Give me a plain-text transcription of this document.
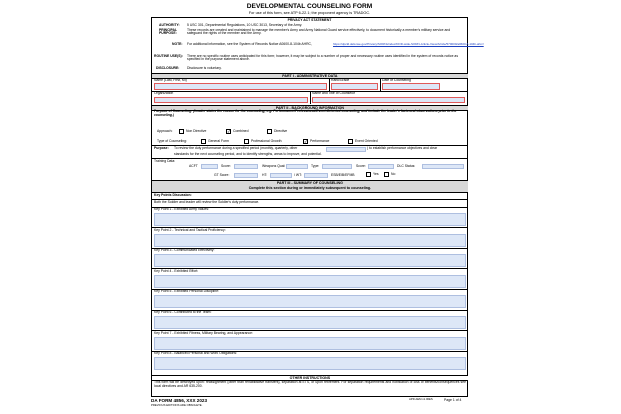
DEVELOPMENTAL COUNSELING FORM
For use of this form, see ATP 6-22.1; the proponent agency is TRADOC.
PRIVACY ACT STATEMENT
AUTHORITY: 5 USC 301, Departmental Regulations, 10 USC 3013, Secretary of the Army.
PRINCIPAL PURPOSE:
These records are created and maintained to manage the member's Army and Army National Guard service effectively, to document historically a member's military service and safeguard the rights of the member and the Army.
NOTE: For additional information, see the System of Records Notice A0600-8-104b AHRC,	https://dpcld.defense.gov/Privacy/SORNsIndex/DOD-wide-SORN-Article-View/Article/570000/a0600-8-104b-ahrc/
ROUTINE USE(S): There are no specific routine uses anticipated for this form; however, it may be subject to a number of proper and necessary routine uses identified in the system of records notice as specified in the purpose statement above.
DISCLOSURE: Disclosure is voluntary.
PART I - ADMINISTRATIVE DATA
Name (Last, First, MI)	Rank/Grade	Date of Counseling
Organization	Name and Title of Counselor
PART II - BACKGROUND INFORMATION
Purpose of Counseling: (Leader states the reason for the counseling, e.g. Performance/Professional/Event-Oriented counseling, and include the leader's facts and observations prior to the counseling.)
Approach:	Non Directive	✓ Combined	Directive
Type of Counseling:	General Form	Professional Growth	✓ Performance	Event Oriented
Purpose: To review the duty performance during a specified period (monthly, quarterly, other	) to establish performance objectives and clear
standards for the next counseling period, and to identify strengths, areas to improve, and potential.
Training Data:
ACFT	Score:	Weapons Qual:	Type:	Score:	DLC Status:
GT Score:	HT:	/ WT:	ESB/EIB/EFMB	Yes	No
PART III - SUMMARY OF COUNSELING
Complete this section during or immediately subsequent to counseling.
Key Points Discussion:
Both the Soldier and leader will review the Soldier's duty performance.
Key Point 1 - Exhibited Army Values:
Key Point 2 - Technical and Tactical Proficiency:
Key Point 3 - Communicated Effectively:
Key Point 4 - Exhibited Effort:
Key Point 5 - Exhibited Personal Discipline:
Key Point 6 - Contributed to the Team:
Key Point 7 - Exhibited Fitness, Military Bearing, and Appearance:
Key Point 8 - Balanced Personal and Work Obligations:
OTHER INSTRUCTIONS
This form will be destroyed upon: reassignment (other than rehabilitative transfers), separation at ETS, or upon retirement. For separation requirements and notification of loss of benefits/consequences see local directives and AR 635-200.
DA FORM 4856, XXX 2023
PREVIOUS EDITIONS ARE OBSOLETE.
APD AEM v1.00ES	Page 1 of 4
